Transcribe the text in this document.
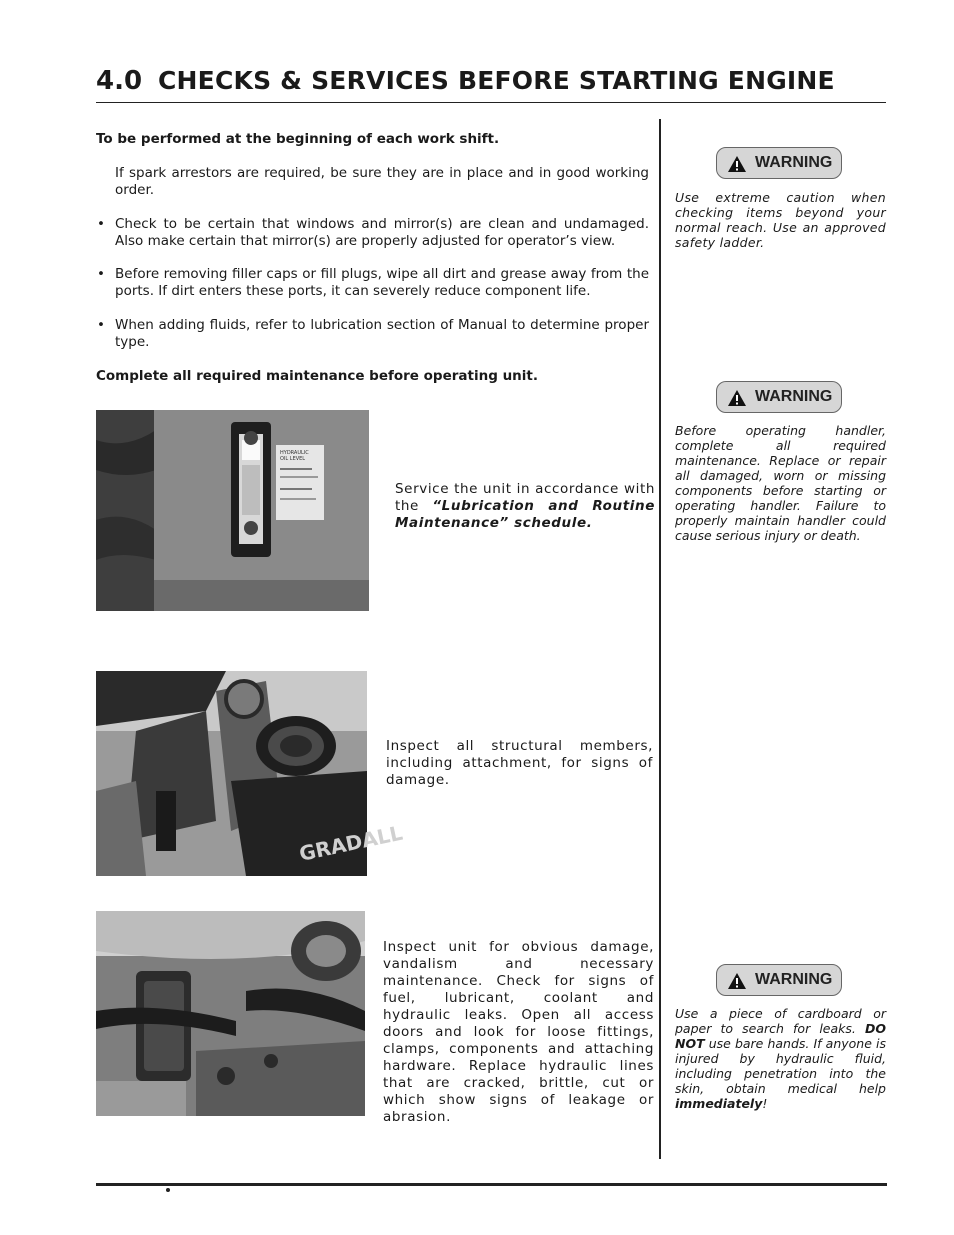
4.0 CHECKS & SERVICES BEFORE STARTING ENGINE
To be performed at the beginning of each work shift.
If spark arrestors are required, be sure they are in place and in good working order.
• Check to be certain that windows and mirror(s) are clean and undamaged. Also make certain that mirror(s) are properly adjusted for operator’s view.
• Before removing filler caps or fill plugs, wipe all dirt and grease away from the ports. If dirt enters these ports, it can severely reduce component life.
• When adding fluids, refer to lubrication section of Manual to determine proper type.
Complete all required maintenance before operating unit.
HYDRAULIC
OIL LEVEL
Service the unit in accordance with the “Lubrication and Routine Maintenance” schedule.
GRADALL
Inspect all structural members, including attachment, for signs of damage.
Inspect unit for obvious damage, vandalism and necessary maintenance. Check for signs of fuel, lubricant, coolant and hydraulic leaks. Open all access doors and look for loose fittings, clamps, components and attaching hardware. Replace hydraulic lines that are cracked, brittle, cut or which show signs of leakage or abrasion.
WARNING
Use extreme caution when checking items beyond your normal reach. Use an approved safety ladder.
WARNING
Before operating handler, complete all required maintenance. Replace or repair all damaged, worn or missing components before starting or operating handler. Failure to properly maintain handler could cause serious injury or death.
WARNING
Use a piece of cardboard or paper to search for leaks. DO NOT use bare hands. If anyone is injured by hydraulic fluid, including penetration into the skin, obtain medical help immediately!
